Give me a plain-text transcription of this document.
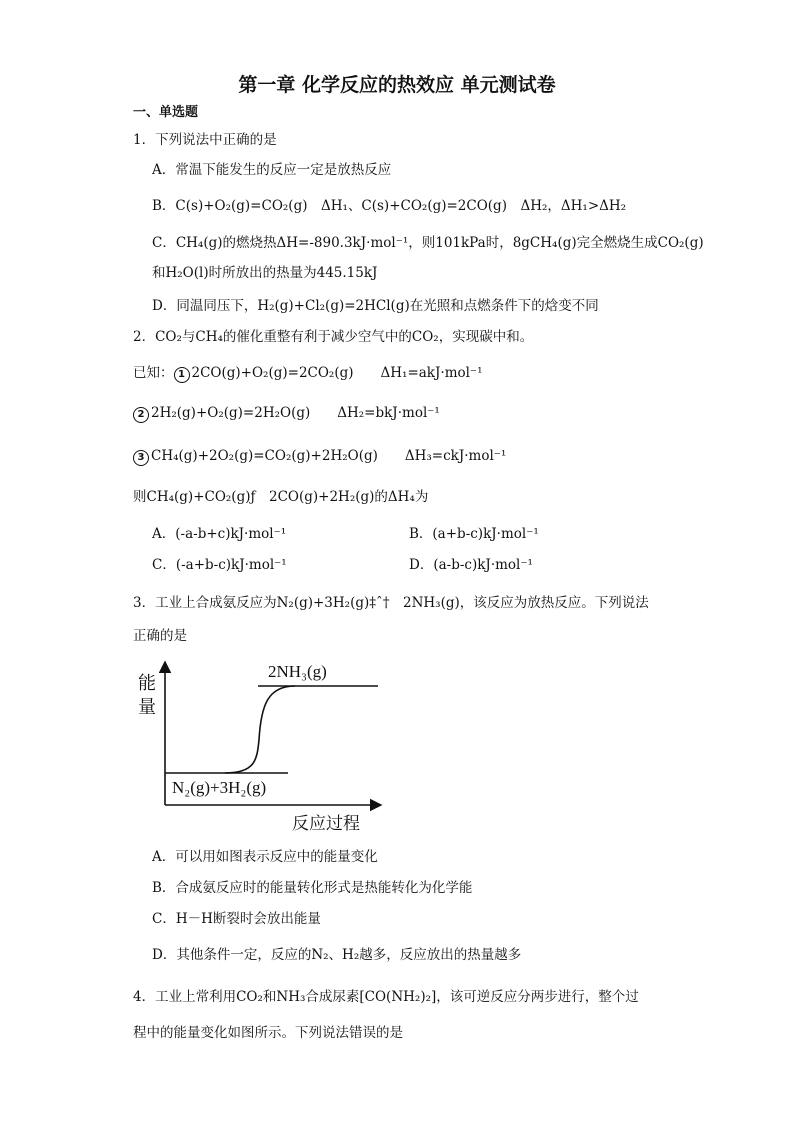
第一章 化学反应的热效应 单元测试卷
一、单选题
1．下列说法中正确的是
A．常温下能发生的反应一定是放热反应
B．C(s)+O₂(g)=CO₂(g)　ΔH₁、C(s)+CO₂(g)=2CO(g)　ΔH₂，ΔH₁>ΔH₂
C．CH₄(g)的燃烧热ΔH=-890.3kJ·mol⁻¹，则101kPa时，8gCH₄(g)完全燃烧生成CO₂(g)
和H₂O(l)时所放出的热量为445.15kJ
D．同温同压下，H₂(g)+Cl₂(g)=2HCl(g)在光照和点燃条件下的焓变不同
2．CO₂与CH₄的催化重整有利于减少空气中的CO₂，实现碳中和。
已知： 1 2CO(g)+O₂(g)=2CO₂(g)　　ΔH₁=akJ·mol⁻¹
2 2H₂(g)+O₂(g)=2H₂O(g)　　ΔH₂=bkJ·mol⁻¹
3 CH₄(g)+2O₂(g)=CO₂(g)+2H₂O(g)　　ΔH₃=ckJ·mol⁻¹
则CH₄(g)+CO₂(g)ƒ　2CO(g)+2H₂(g)的ΔH₄为
A．(-a-b+c)kJ·mol⁻¹	B．(a+b-c)kJ·mol⁻¹
C．(-a+b-c)kJ·mol⁻¹	D．(a-b-c)kJ·mol⁻¹
3．工业上合成氨反应为N₂(g)+3H₂(g)‡ˆ†　2NH₃(g)，该反应为放热反应。下列说法
正确的是
能
量
2NH₃(g)
N₂(g)+3H₂(g)
反应过程
A．可以用如图表示反应中的能量变化
B．合成氨反应时的能量转化形式是热能转化为化学能
C．H－H断裂时会放出能量
D．其他条件一定，反应的N₂、H₂越多，反应放出的热量越多
4．工业上常利用CO₂和NH₃合成尿素[CO(NH₂)₂]，该可逆反应分两步进行，整个过
程中的能量变化如图所示。下列说法错误的是
